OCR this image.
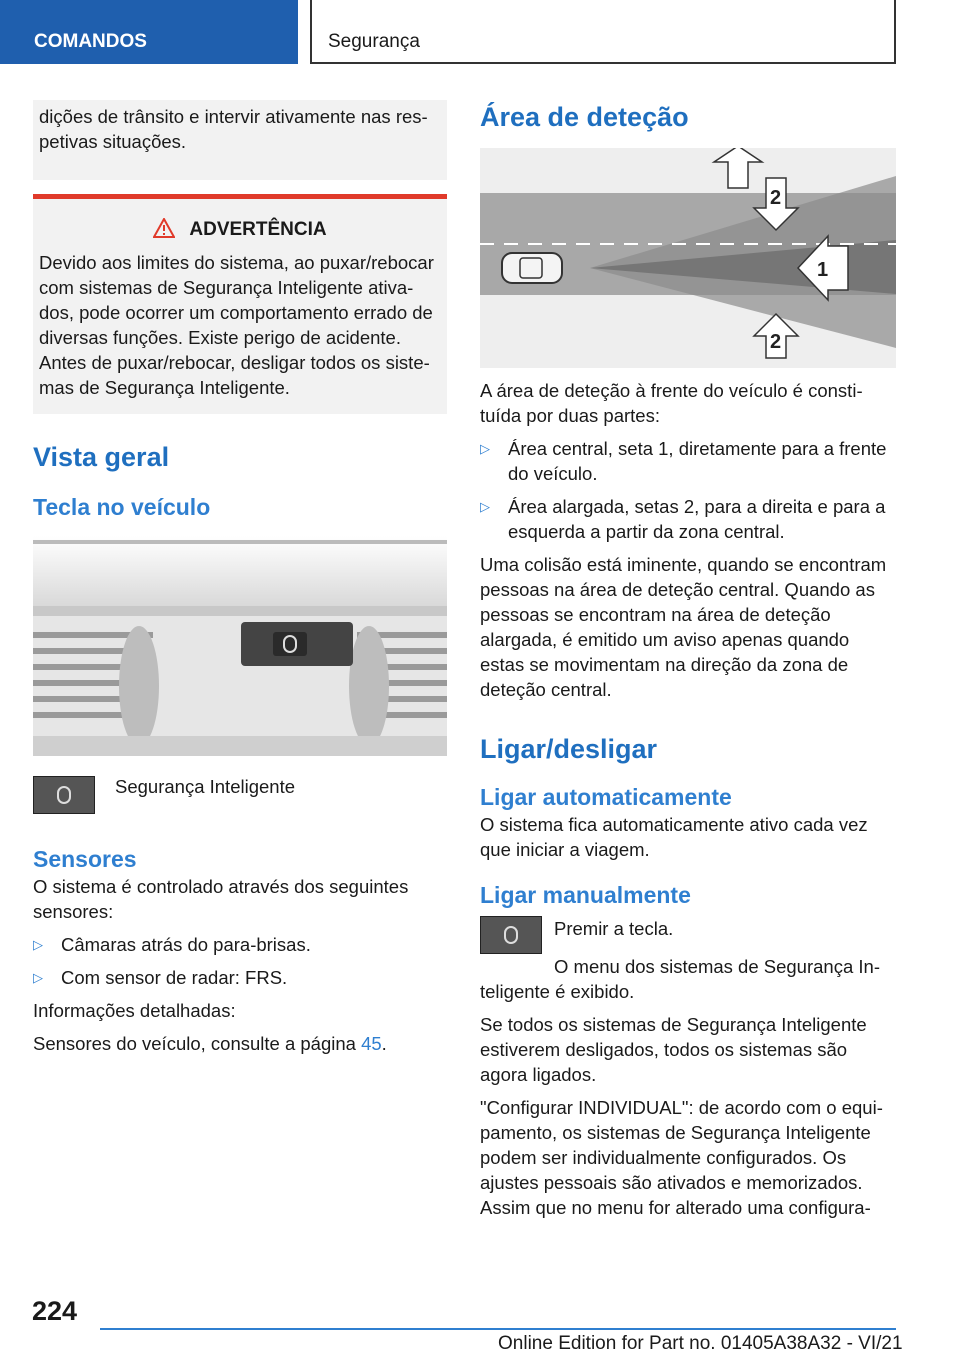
COMANDOS	Segurança

dições de trânsito e intervir ativamente nas respetivas situações.

ADVERTÊNCIA

Devido aos limites do sistema, ao puxar/rebocar com sistemas de Segurança Inteligente ativados, pode ocorrer um comportamento errado de diversas funções. Existe perigo de acidente. Antes de puxar/rebocar, desligar todos os sistemas de Segurança Inteligente.

Vista geral
Tecla no veículo
Segurança Inteligente
Sensores

O sistema é controlado através dos seguintes sensores:

▷ Câmaras atrás do para-brisas.
▷ Com sensor de radar: FRS.

Informações detalhadas:

Sensores do veículo, consulte a página 45.

Área de deteção
1
2
2

A área de deteção à frente do veículo é constituída por duas partes:

▷ Área central, seta 1, diretamente para a frente do veículo.
▷ Área alargada, setas 2, para a direita e para a esquerda a partir da zona central.

Uma colisão está iminente, quando se encontram pessoas na área de deteção central. Quando as pessoas se encontram na área de deteção alargada, é emitido um aviso apenas quando estas se movimentam na direção da zona de deteção central.

Ligar/desligar
Ligar automaticamente

O sistema fica automaticamente ativo cada vez que iniciar a viagem.

Ligar manualmente

Premir a tecla.

O menu dos sistemas de Segurança Inteligente é exibido.

Se todos os sistemas de Segurança Inteligente estiverem desligados, todos os sistemas são agora ligados.

"Configurar INDIVIDUAL": de acordo com o equipamento, os sistemas de Segurança Inteligente podem ser individualmente configurados. Os ajustes pessoais são ativados e memorizados. Assim que no menu for alterado uma configura-

224
Online Edition for Part no. 01405A38A32 - VI/21
